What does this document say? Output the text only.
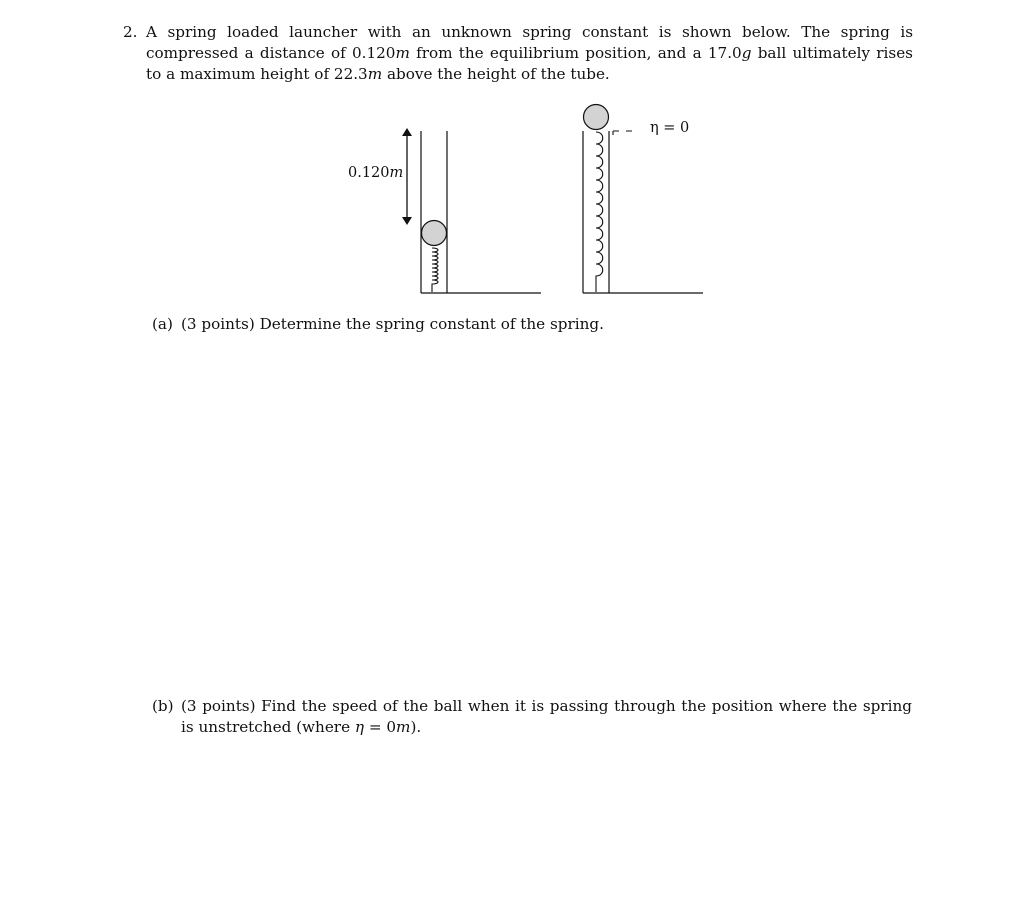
2. A spring loaded launcher with an unknown spring constant is shown below. The spring is compressed a distance of 0.120m from the equilibrium position, and a 17.0g ball ultimately rises to a maximum height of 22.3m above the height of the tube.
0.120m
η = 0
(a) (3 points) Determine the spring constant of the spring.
(b) (3 points) Find the speed of the ball when it is passing through the position where the spring is unstretched (where η = 0m).
